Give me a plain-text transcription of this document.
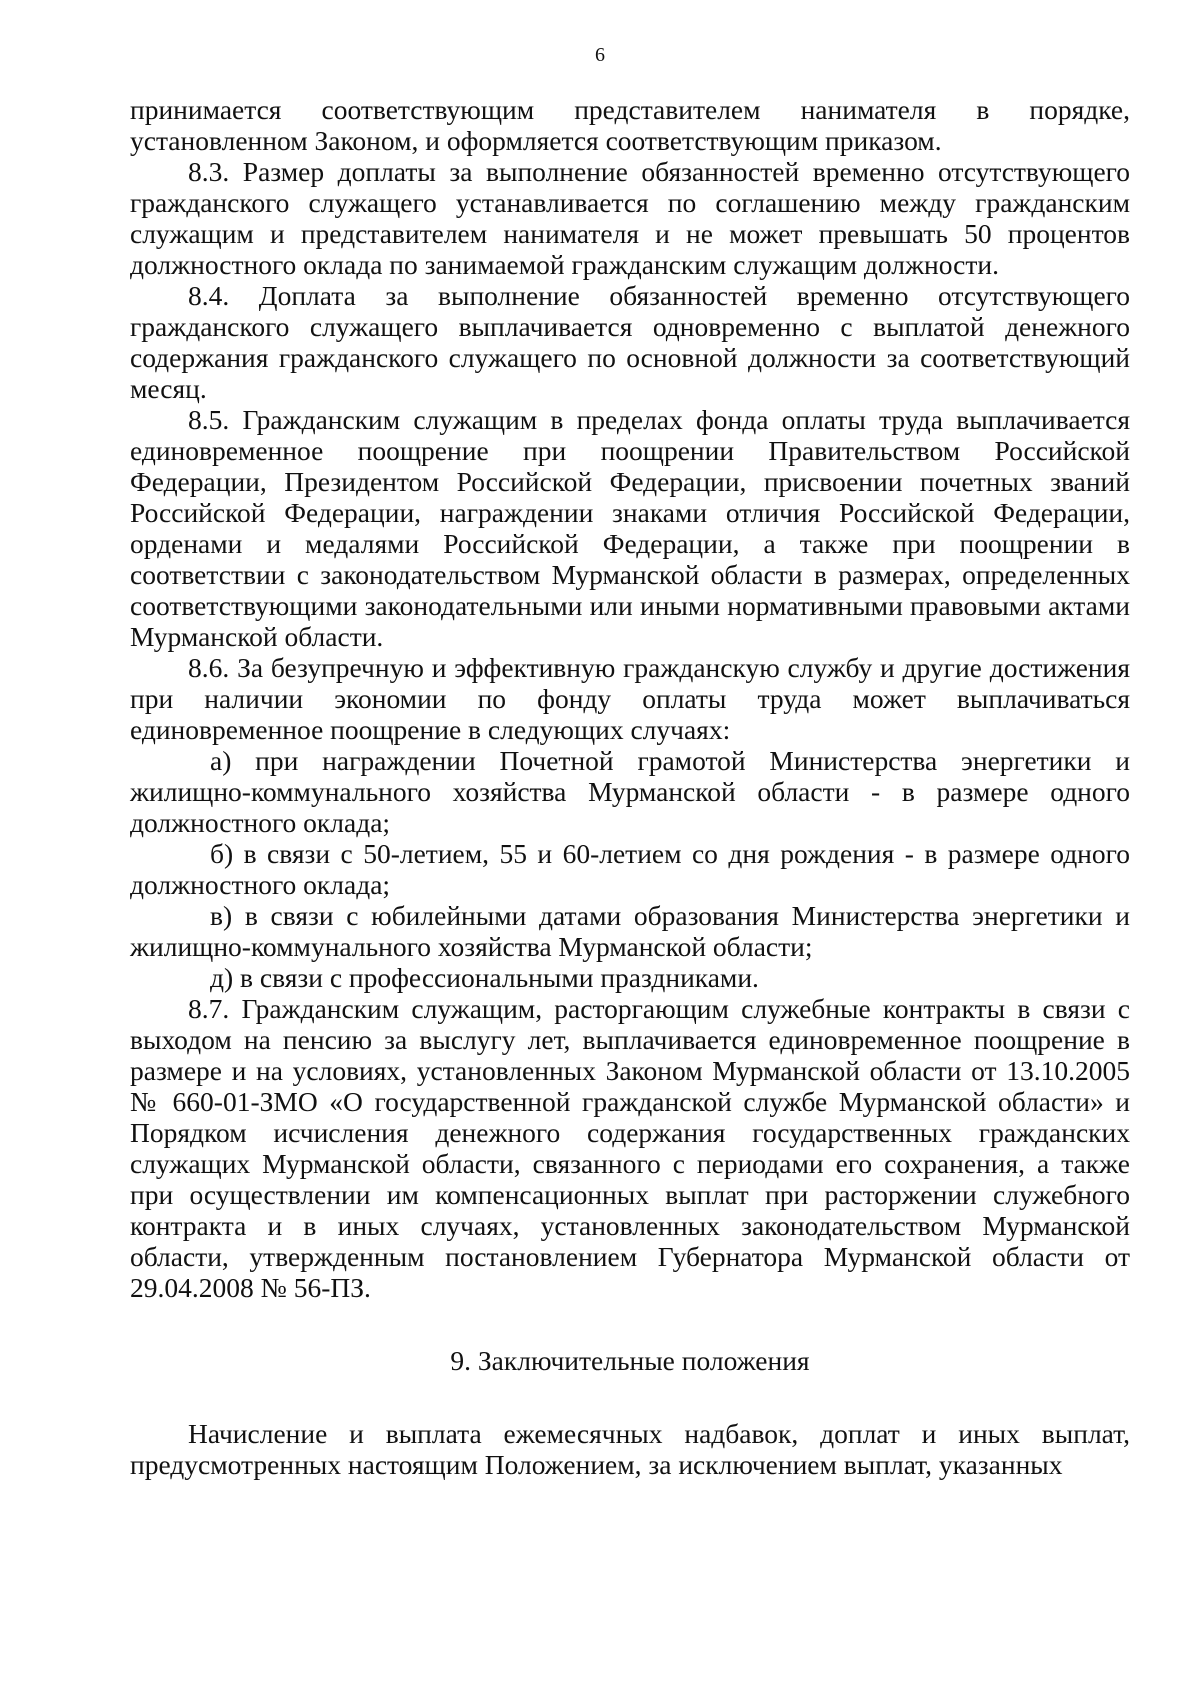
6

принимается соответствующим представителем нанимателя в порядке, установленном Законом, и оформляется соответствующим приказом.

8.3. Размер доплаты за выполнение обязанностей временно отсутствующего гражданского служащего устанавливается по соглашению между гражданским служащим и представителем нанимателя и не может превышать 50 процентов должностного оклада по занимаемой гражданским служащим должности.

8.4. Доплата за выполнение обязанностей временно отсутствующего гражданского служащего выплачивается одновременно с выплатой денежного содержания гражданского служащего по основной должности за соответствующий месяц.

8.5. Гражданским служащим в пределах фонда оплаты труда выплачивается единовременное поощрение при поощрении Правительством Российской Федерации, Президентом Российской Федерации, присвоении почетных званий Российской Федерации, награждении знаками отличия Российской Федерации, орденами и медалями Российской Федерации, а также при поощрении в соответствии с законодательством Мурманской области в размерах, определенных соответствующими законодательными или иными нормативными правовыми актами Мурманской области.

8.6. За безупречную и эффективную гражданскую службу и другие достижения при наличии экономии по фонду оплаты труда может выплачиваться единовременное поощрение в следующих случаях:

а) при награждении Почетной грамотой Министерства энергетики и жилищно-коммунального хозяйства Мурманской области - в размере одного должностного оклада;

б) в связи с 50-летием, 55 и 60-летием со дня рождения - в размере одного должностного оклада;

в) в связи с юбилейными датами образования Министерства энергетики и жилищно-коммунального хозяйства Мурманской области;

д) в связи с профессиональными праздниками.

8.7. Гражданским служащим, расторгающим служебные контракты в связи с выходом на пенсию за выслугу лет, выплачивается единовременное поощрение в размере и на условиях, установленных Законом Мурманской области от 13.10.2005 № 660-01-ЗМО «О государственной гражданской службе Мурманской области» и Порядком исчисления денежного содержания государственных гражданских служащих Мурманской области, связанного с периодами его сохранения, а также при осуществлении им компенсационных выплат при расторжении служебного контракта и в иных случаях, установленных законодательством Мурманской области, утвержденным постановлением Губернатора Мурманской области от 29.04.2008 № 56-ПЗ.

9. Заключительные положения

Начисление и выплата ежемесячных надбавок, доплат и иных выплат, предусмотренных настоящим Положением, за исключением выплат, указанных
